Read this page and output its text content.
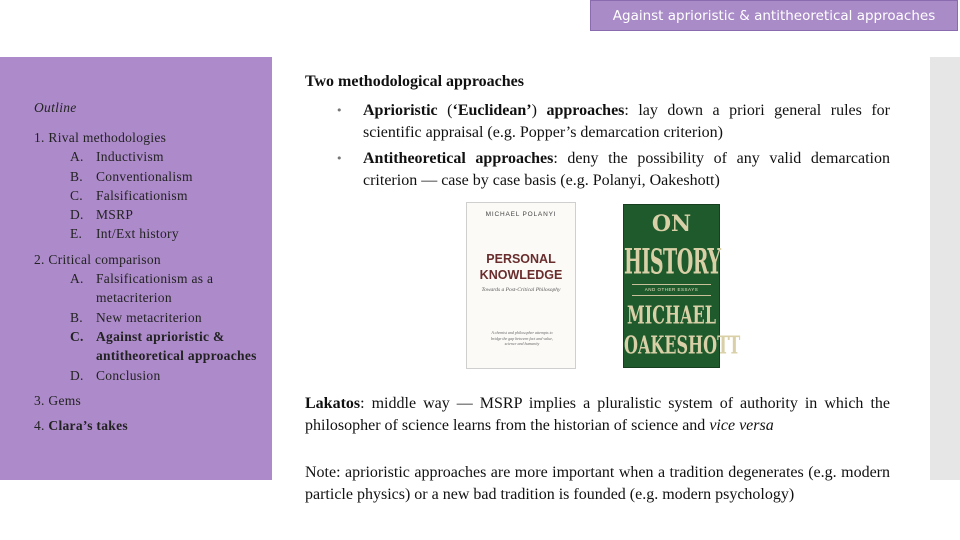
Against aprioristic & antitheoretical approaches
Outline
1. Rival methodologies
A. Inductivism
B. Conventionalism
C. Falsificationism
D. MSRP
E.	Int/Ext history
2. Critical comparison
A. Falsificationism as a metacriterion
B. New metacriterion
C. Against aprioristic & antitheoretical approaches
D. Conclusion
3. Gems
4. Clara’s takes
Two methodological approaches
•	Aprioristic (‘Euclidean’) approaches: lay down a priori general rules for scientific appraisal (e.g. Popper’s demarcation criterion)
•	Antitheoretical approaches: deny the possibility of any valid demarcation criterion — case by case basis (e.g. Polanyi, Oakeshott)
MICHAEL POLANYI
PERSONAL
KNOWLEDGE
Towards a Post-Critical Philosophy
A chemist and philosopher attempts to bridge the gap between fact and value, science and humanity
ON
HISTORY
AND OTHER ESSAYS
MICHAEL
OAKESHOTT
Lakatos: middle way — MSRP implies a pluralistic system of authority in which the philosopher of science learns from the historian of science and vice versa
Note: aprioristic approaches are more important when a tradition degenerates (e.g. modern particle physics) or a new bad tradition is founded (e.g. modern psychology)
